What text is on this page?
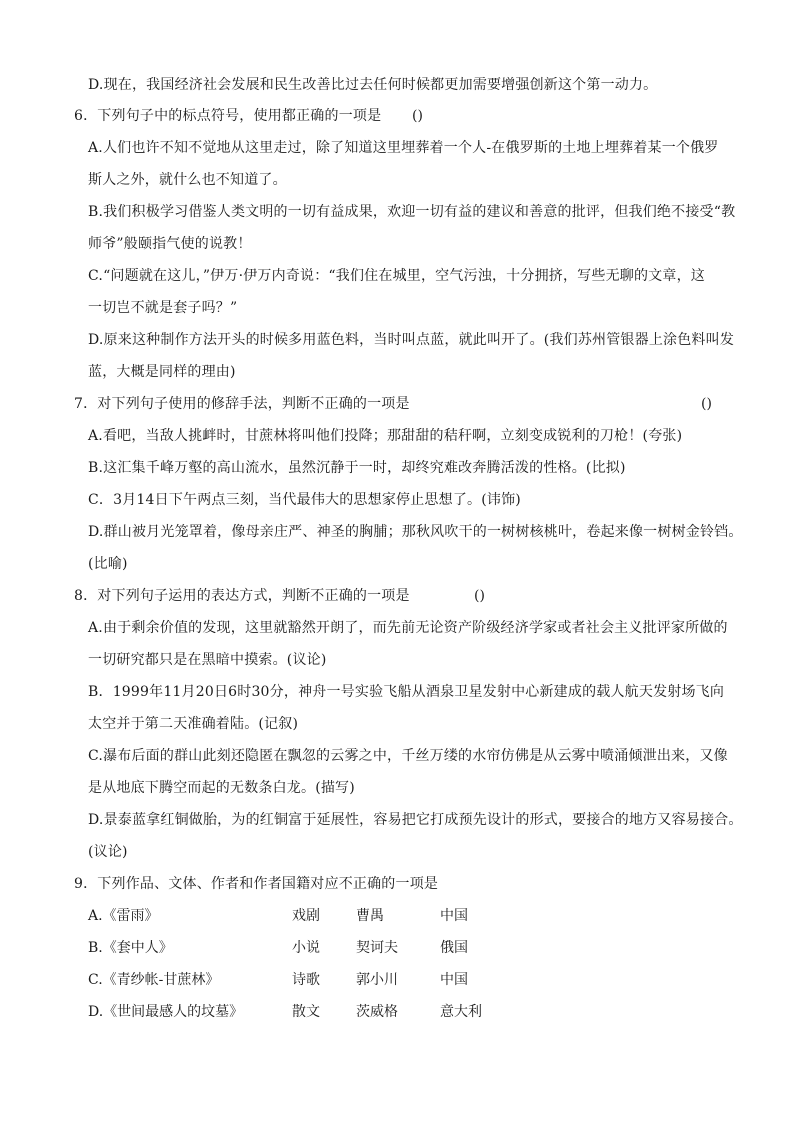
D.现在，我国经济社会发展和民生改善比过去任何时候都更加需要增强创新这个第一动力。
6．下列句子中的标点符号，使用都正确的一项是 ()
A.人们也许不知不觉地从这里走过，除了知道这里埋葬着一个人-在俄罗斯的土地上埋葬着某一个俄罗
斯人之外，就什么也不知道了。
B.我们积极学习借鉴人类文明的一切有益成果，欢迎一切有益的建议和善意的批评，但我们绝不接受“教
师爷”般颐指气使的说教！
C.“问题就在这儿，”伊万·伊万内奇说：“我们住在城里，空气污浊，十分拥挤，写些无聊的文章，这
一切岂不就是套子吗？”
D.原来这种制作方法开头的时候多用蓝色料，当时叫点蓝，就此叫开了。(我们苏州管银器上涂色料叫发
蓝，大概是同样的理由)
7．对下列句子使用的修辞手法，判断不正确的一项是	()
A.看吧，当敌人挑衅时，甘蔗林将叫他们投降；那甜甜的秸秆啊，立刻变成锐利的刀枪！(夸张)
B.这汇集千峰万壑的高山流水，虽然沉静于一时，却终究难改奔腾活泼的性格。(比拟)
C．3月14日下午两点三刻，当代最伟大的思想家停止思想了。(讳饰)
D.群山被月光笼罩着，像母亲庄严、神圣的胸脯；那秋风吹干的一树树核桃叶，卷起来像一树树金铃铛。
(比喻)
8．对下列句子运用的表达方式，判断不正确的一项是	()
A.由于剩余价值的发现，这里就豁然开朗了，而先前无论资产阶级经济学家或者社会主义批评家所做的
一切研究都只是在黑暗中摸索。(议论)
B．1999年11月20日6时30分，神舟一号实验飞船从酒泉卫星发射中心新建成的载人航天发射场飞向
太空并于第二天准确着陆。(记叙)
C.瀑布后面的群山此刻还隐匿在飘忽的云雾之中，千丝万缕的水帘仿佛是从云雾中喷涌倾泄出来，又像
是从地底下腾空而起的无数条白龙。(描写)
D.景泰蓝拿红铜做胎，为的红铜富于延展性，容易把它打成预先设计的形式，要接合的地方又容易接合。
(议论)
9．下列作品、文体、作者和作者国籍对应不正确的一项是
A.《雷雨》	戏剧	曹禺	中国
B.《套中人》	小说	契诃夫	俄国
C.《青纱帐-甘蔗林》	诗歌	郭小川	中国
D.《世间最感人的坟墓》	散文	茨威格	意大利
